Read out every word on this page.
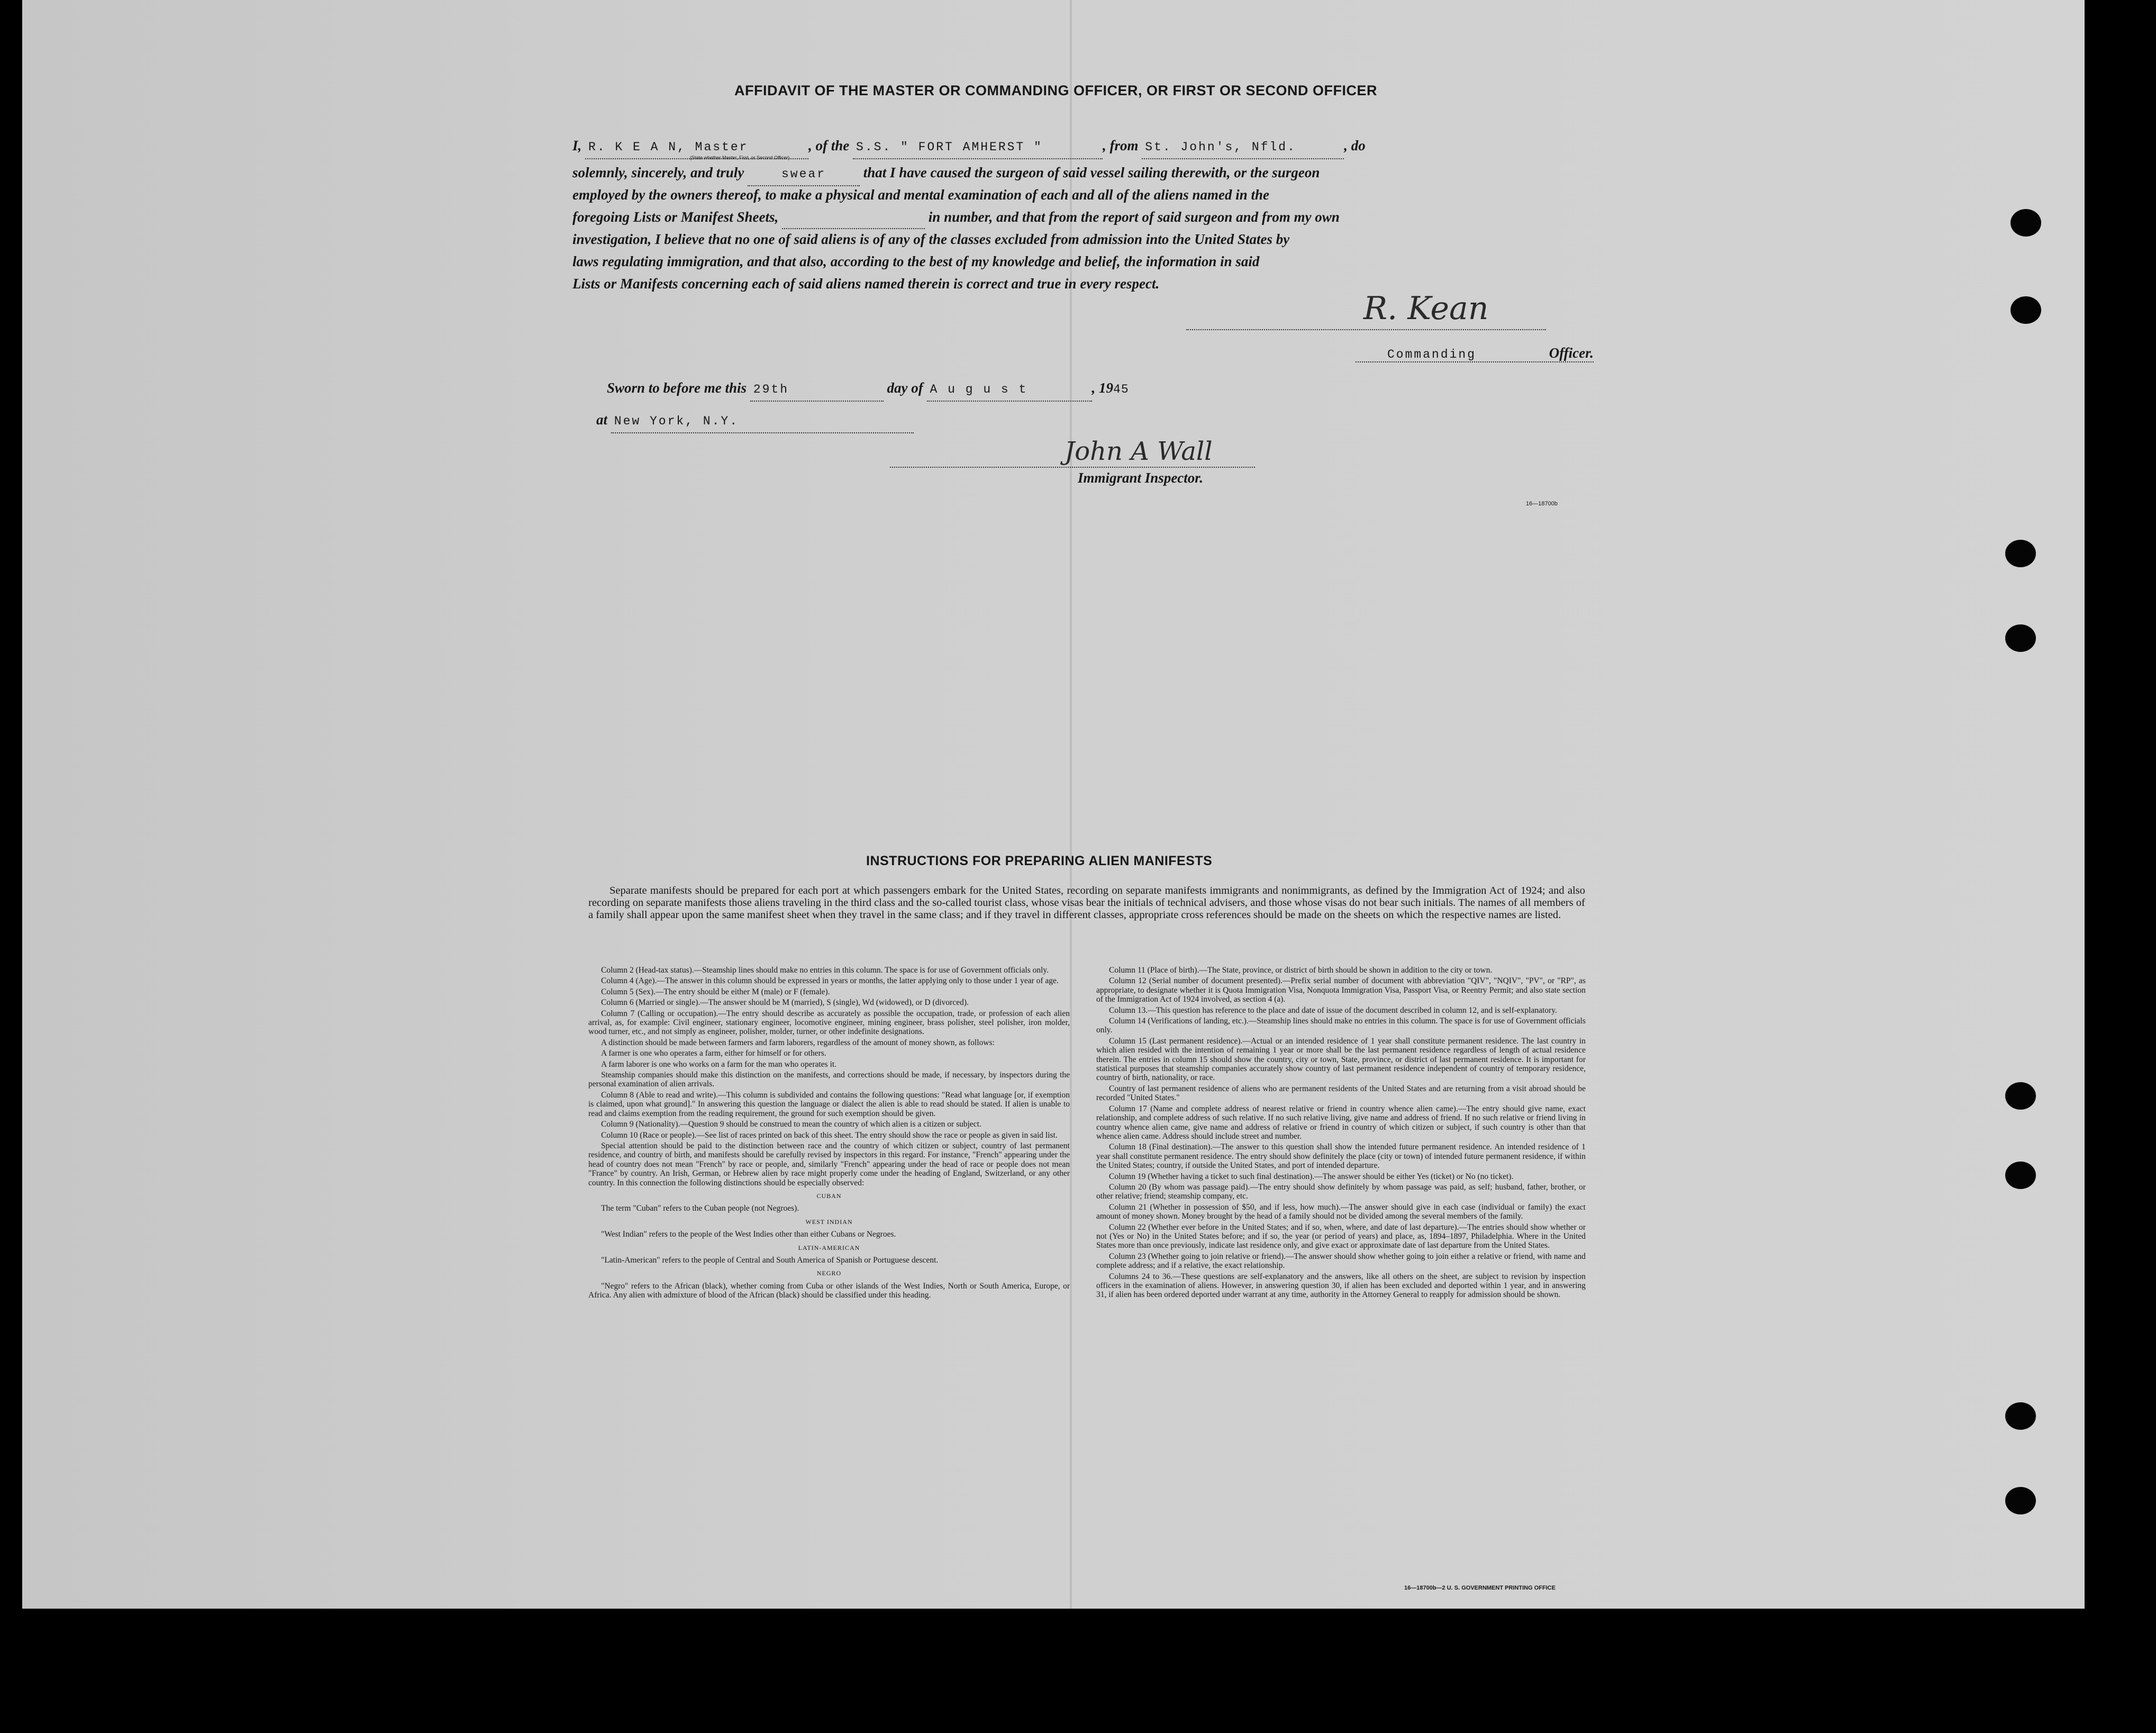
AFFIDAVIT OF THE MASTER OR COMMANDING OFFICER, OR FIRST OR SECOND OFFICER
I, R. K E A N, Master	, of the S.S. " FORT AMHERST "	, from St. John's, Nfld.	, do
(State whether Master, First, or Second Officer)
solemnly, sincerely, and truly	swear	that I have caused the surgeon of said vessel sailing therewith, or the surgeon
employed by the owners thereof, to make a physical and mental examination of each and all of the aliens named in the
foregoing Lists or Manifest Sheets,	in number, and that from the report of said surgeon and from my own
investigation, I believe that no one of said aliens is of any of the classes excluded from admission into the United States by
laws regulating immigration, and that also, according to the best of my knowledge and belief, the information in said
Lists or Manifests concerning each of said aliens named therein is correct and true in every respect.
R. Kean
Commanding	Officer.
Sworn to before me this 29th	day of A u g u s t	, 1945
at New York, N.Y.
John A Wall
Immigrant Inspector.
16—18700b
INSTRUCTIONS FOR PREPARING ALIEN MANIFESTS
Separate manifests should be prepared for each port at which passengers embark for the United States, recording on separate manifests immigrants and nonimmigrants, as defined by the Immigration Act of 1924; and also recording on separate manifests those aliens traveling in the third class and the so-called tourist class, whose visas bear the initials of technical advisers, and those whose visas do not bear such initials. The names of all members of a family shall appear upon the same manifest sheet when they travel in the same class; and if they travel in different classes, appropriate cross references should be made on the sheets on which the respective names are listed.

Column 2 (Head-tax status).—Steamship lines should make no entries in this column. The space is for use of Government officials only.

Column 4 (Age).—The answer in this column should be expressed in years or months, the latter applying only to those under 1 year of age.

Column 5 (Sex).—The entry should be either M (male) or F (female).

Column 6 (Married or single).—The answer should be M (married), S (single), Wd (widowed), or D (divorced).

Column 7 (Calling or occupation).—The entry should describe as accurately as possible the occupation, trade, or profession of each alien arrival, as, for example: Civil engineer, stationary engineer, locomotive engineer, mining engineer, brass polisher, steel polisher, iron molder, wood turner, etc., and not simply as engineer, polisher, molder, turner, or other indefinite designations.

A distinction should be made between farmers and farm laborers, regardless of the amount of money shown, as follows:

A farmer is one who operates a farm, either for himself or for others.

A farm laborer is one who works on a farm for the man who operates it.

Steamship companies should make this distinction on the manifests, and corrections should be made, if necessary, by inspectors during the personal examination of alien arrivals.

Column 8 (Able to read and write).—This column is subdivided and contains the following questions: "Read what language [or, if exemption is claimed, upon what ground]." In answering this question the language or dialect the alien is able to read should be stated. If alien is unable to read and claims exemption from the reading requirement, the ground for such exemption should be given.

Column 9 (Nationality).—Question 9 should be construed to mean the country of which alien is a citizen or subject.

Column 10 (Race or people).—See list of races printed on back of this sheet. The entry should show the race or people as given in said list.

Special attention should be paid to the distinction between race and the country of which citizen or subject, country of last permanent residence, and country of birth, and manifests should be carefully revised by inspectors in this regard. For instance, "French" appearing under the head of country does not mean "French" by race or people, and, similarly "French" appearing under the head of race or people does not mean "France" by country. An Irish, German, or Hebrew alien by race might properly come under the heading of England, Switzerland, or any other country. In this connection the following distinctions should be especially observed:

CUBAN

The term "Cuban" refers to the Cuban people (not Negroes).

WEST INDIAN

"West Indian" refers to the people of the West Indies other than either Cubans or Negroes.

LATIN-AMERICAN

"Latin-American" refers to the people of Central and South America of Spanish or Portuguese descent.

NEGRO

"Negro" refers to the African (black), whether coming from Cuba or other islands of the West Indies, North or South America, Europe, or Africa. Any alien with admixture of blood of the African (black) should be classified under this heading.

Column 11 (Place of birth).—The State, province, or district of birth should be shown in addition to the city or town.

Column 12 (Serial number of document presented).—Prefix serial number of document with abbreviation "QIV", "NQIV", "PV", or "RP", as appropriate, to designate whether it is Quota Immigration Visa, Nonquota Immigration Visa, Passport Visa, or Reentry Permit; and also state section of the Immigration Act of 1924 involved, as section 4 (a).

Column 13.—This question has reference to the place and date of issue of the document described in column 12, and is self-explanatory.

Column 14 (Verifications of landing, etc.).—Steamship lines should make no entries in this column. The space is for use of Government officials only.

Column 15 (Last permanent residence).—Actual or an intended residence of 1 year shall constitute permanent residence. The last country in which alien resided with the intention of remaining 1 year or more shall be the last permanent residence regardless of length of actual residence therein. The entries in column 15 should show the country, city or town, State, province, or district of last permanent residence. It is important for statistical purposes that steamship companies accurately show country of last permanent residence independent of country of temporary residence, country of birth, nationality, or race.

Country of last permanent residence of aliens who are permanent residents of the United States and are returning from a visit abroad should be recorded "United States."

Column 17 (Name and complete address of nearest relative or friend in country whence alien came).—The entry should give name, exact relationship, and complete address of such relative. If no such relative living, give name and address of friend. If no such relative or friend living in country whence alien came, give name and address of relative or friend in country of which citizen or subject, if such country is other than that whence alien came. Address should include street and number.

Column 18 (Final destination).—The answer to this question shall show the intended future permanent residence. An intended residence of 1 year shall constitute permanent residence. The entry should show definitely the place (city or town) of intended future permanent residence, if within the United States; country, if outside the United States, and port of intended departure.

Column 19 (Whether having a ticket to such final destination).—The answer should be either Yes (ticket) or No (no ticket).

Column 20 (By whom was passage paid).—The entry should show definitely by whom passage was paid, as self; husband, father, brother, or other relative; friend; steamship company, etc.

Column 21 (Whether in possession of $50, and if less, how much).—The answer should give in each case (individual or family) the exact amount of money shown. Money brought by the head of a family should not be divided among the several members of the family.

Column 22 (Whether ever before in the United States; and if so, when, where, and date of last departure).—The entries should show whether or not (Yes or No) in the United States before; and if so, the year (or period of years) and place, as, 1894–1897, Philadelphia. Where in the United States more than once previously, indicate last residence only, and give exact or approximate date of last departure from the United States.

Column 23 (Whether going to join relative or friend).—The answer should show whether going to join either a relative or friend, with name and complete address; and if a relative, the exact relationship.

Columns 24 to 36.—These questions are self-explanatory and the answers, like all others on the sheet, are subject to revision by inspection officers in the examination of aliens. However, in answering question 30, if alien has been excluded and deported within 1 year, and in answering 31, if alien has been ordered deported under warrant at any time, authority in the Attorney General to reapply for admission should be shown.

16—18700b—2 U. S. GOVERNMENT PRINTING OFFICE
